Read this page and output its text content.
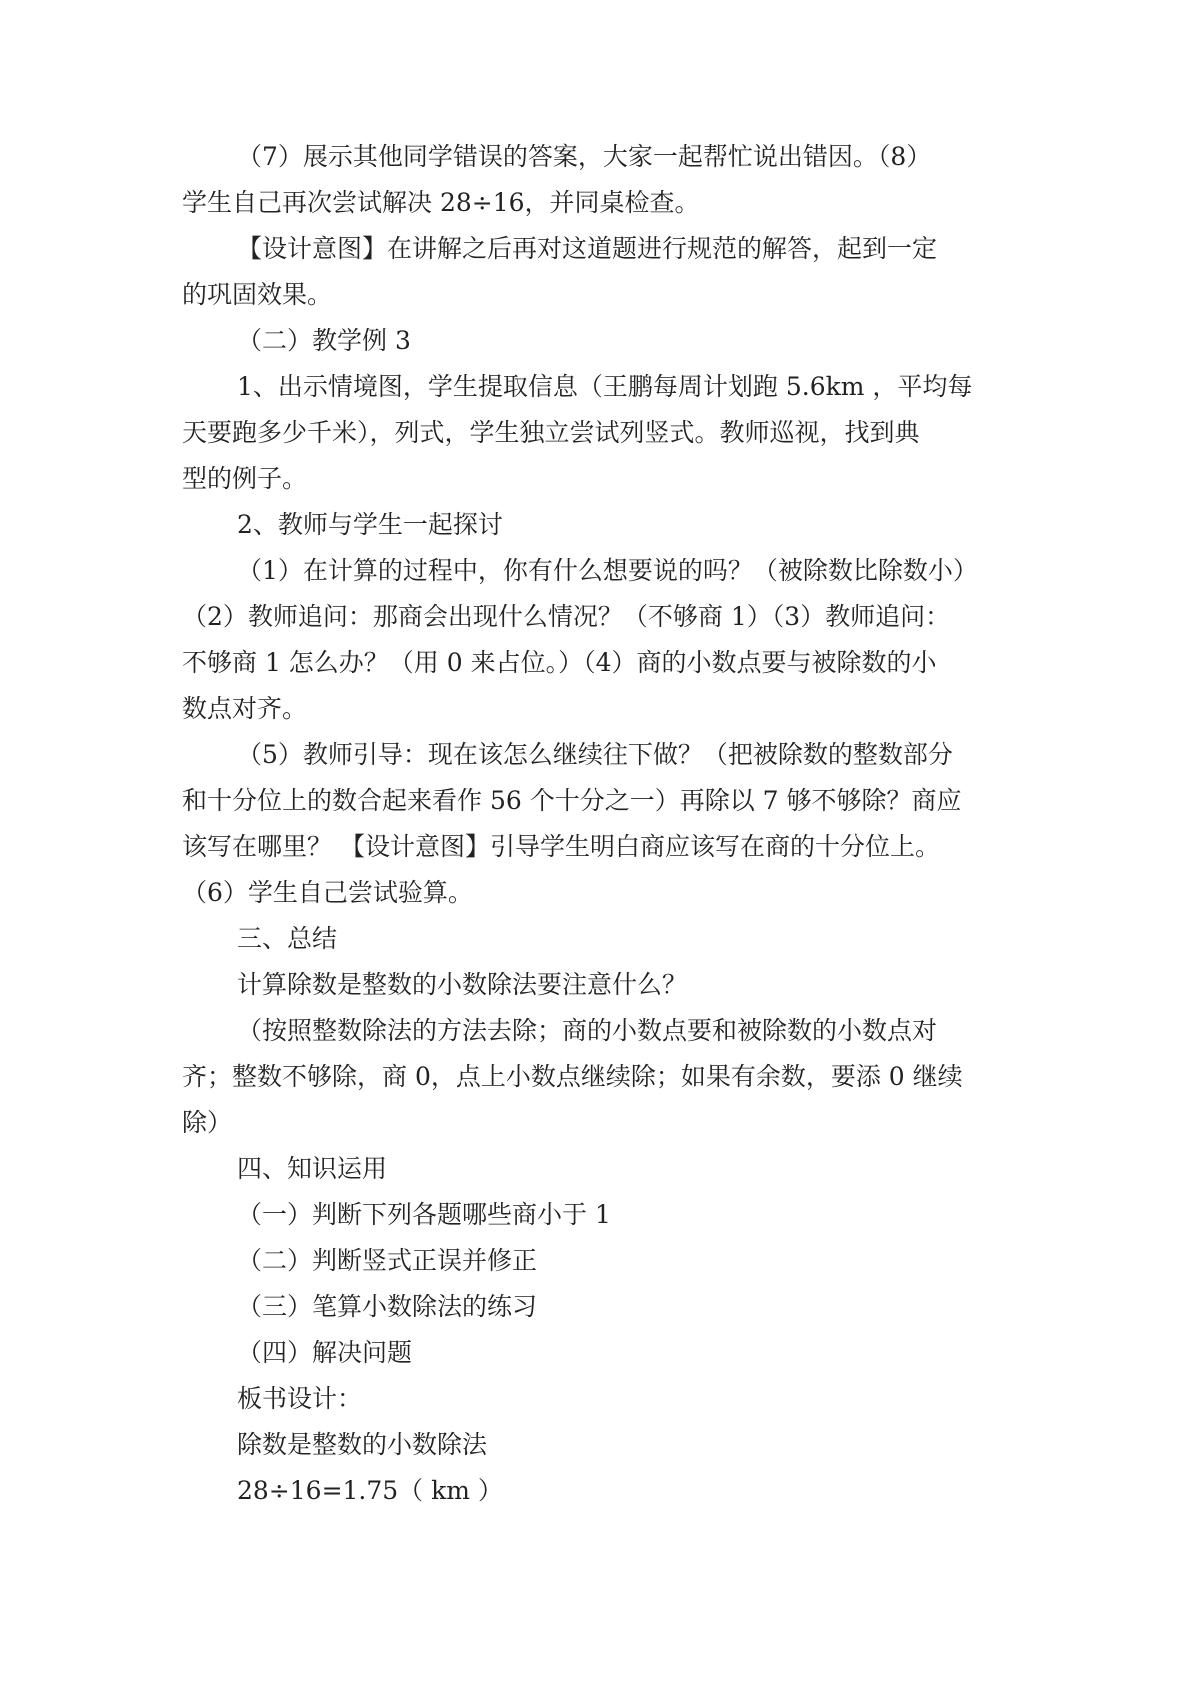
（7）展示其他同学错误的答案，大家一起帮忙说出错因。（8）

学生自己再次尝试解决 28÷16，并同桌检查。

【设计意图】在讲解之后再对这道题进行规范的解答，起到一定

的巩固效果。

（二）教学例 3

1、出示情境图，学生提取信息（王鹏每周计划跑 5.6km ，平均每

天要跑多少千米），列式，学生独立尝试列竖式。教师巡视，找到典

型的例子。

2、教师与学生一起探讨

（1）在计算的过程中，你有什么想要说的吗？（被除数比除数小）

（2）教师追问：那商会出现什么情况？（不够商 1）（3）教师追问：

不够商 1 怎么办？（用 0 来占位。）（4）商的小数点要与被除数的小

数点对齐。

（5）教师引导：现在该怎么继续往下做？（把被除数的整数部分

和十分位上的数合起来看作 56 个十分之一）再除以 7 够不够除？商应

该写在哪里？ 【设计意图】引导学生明白商应该写在商的十分位上。

（6）学生自己尝试验算。

三、总结

计算除数是整数的小数除法要注意什么？

（按照整数除法的方法去除；商的小数点要和被除数的小数点对

齐；整数不够除，商 0，点上小数点继续除；如果有余数，要添 0 继续

除）

四、知识运用

（一）判断下列各题哪些商小于 1

（二）判断竖式正误并修正

（三）笔算小数除法的练习

（四）解决问题

板书设计：

除数是整数的小数除法

28÷16=1.75（ km ）
